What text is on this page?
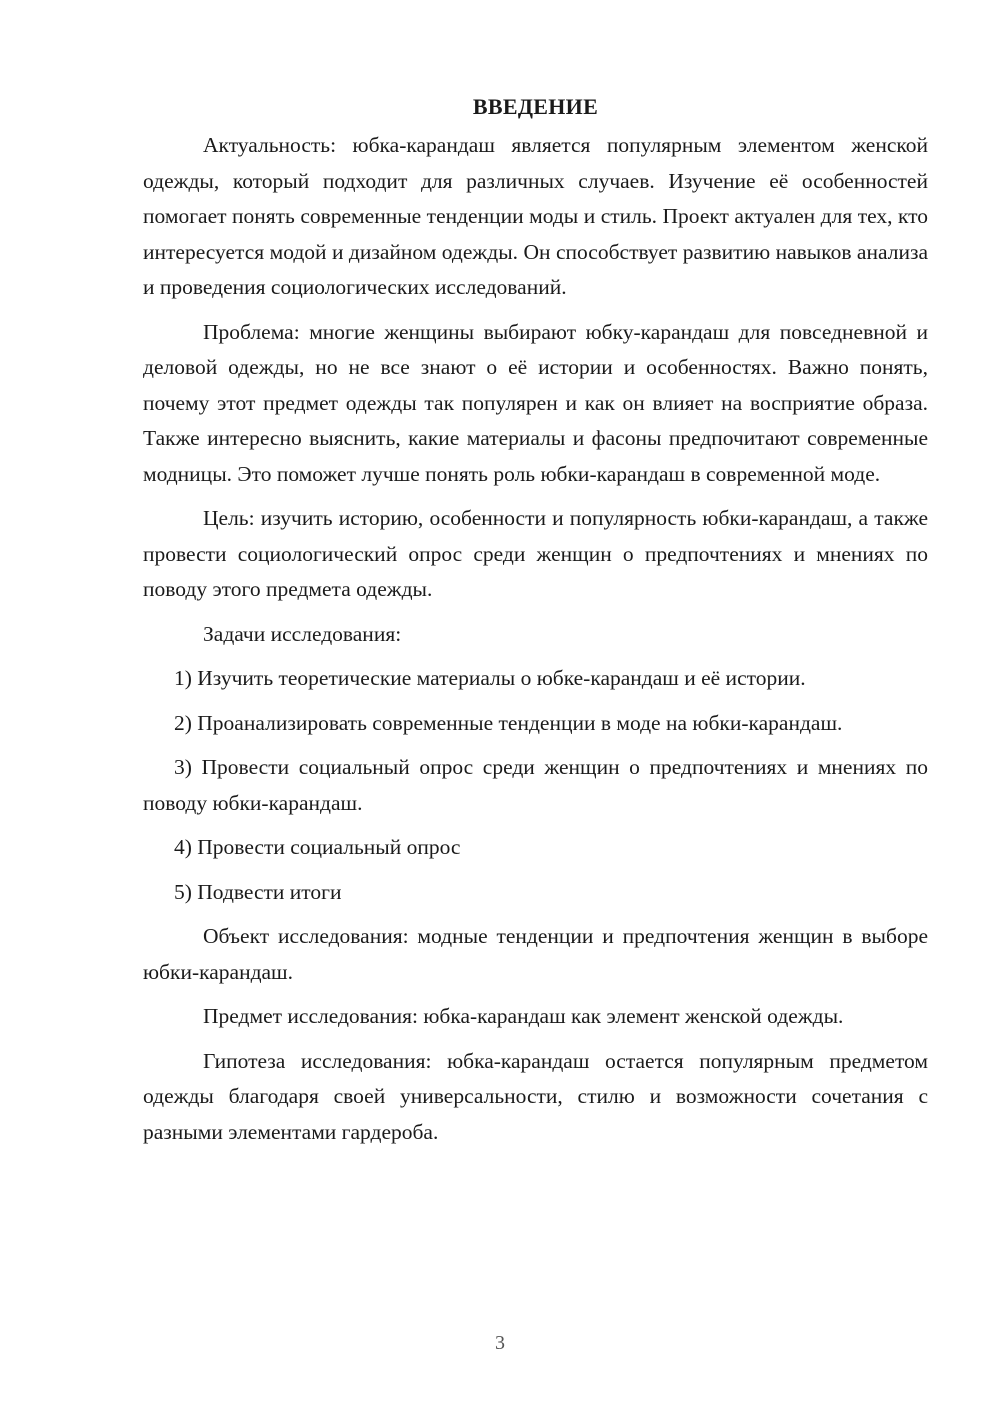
ВВЕДЕНИЕ

Актуальность: юбка-карандаш является популярным элементом женской одежды, который подходит для различных случаев. Изучение её особенностей помогает понять современные тенденции моды и стиль. Проект актуален для тех, кто интересуется модой и дизайном одежды. Он способствует развитию навыков анализа и проведения социологических исследований.

Проблема: многие женщины выбирают юбку-карандаш для повседневной и деловой одежды, но не все знают о её истории и особенностях. Важно понять, почему этот предмет одежды так популярен и как он влияет на восприятие образа. Также интересно выяснить, какие материалы и фасоны предпочитают современные модницы. Это поможет лучше понять роль юбки-карандаш в современной моде.

Цель: изучить историю, особенности и популярность юбки-карандаш, а также провести социологический опрос среди женщин о предпочтениях и мнениях по поводу этого предмета одежды.

Задачи исследования:

1) Изучить теоретические материалы о юбке-карандаш и её истории.

2) Проанализировать современные тенденции в моде на юбки-карандаш.

3) Провести социальный опрос среди женщин о предпочтениях и мнениях по поводу юбки-карандаш.

4) Провести социальный опрос

5) Подвести итоги

Объект исследования: модные тенденции и предпочтения женщин в выборе юбки-карандаш.

Предмет исследования: юбка-карандаш как элемент женской одежды.

Гипотеза исследования: юбка-карандаш остается популярным предметом одежды благодаря своей универсальности, стилю и возможности сочетания с разными элементами гардероба.

3
